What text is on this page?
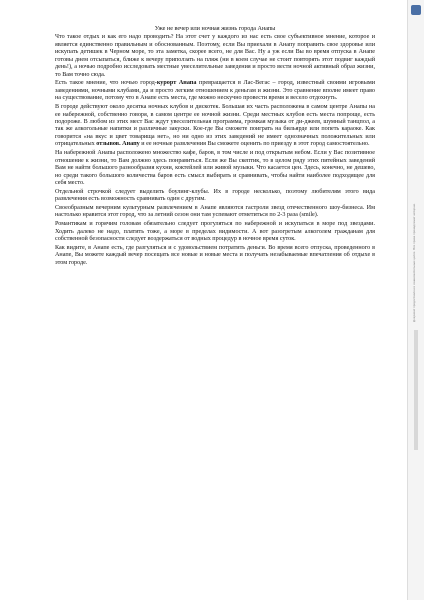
Уже не вечер или ночная жизнь города Анапы

Что такое отдых и как его надо проводить? На этот счет у каждого из нас есть свое субъективное мнение, которое и является единственно правильным и обоснованным. Поэтому, если Вы приехали в Анапу поправить свое здоровье или искупать детишек в Черном море, то эта заметка, скорее всего, не для Вас. Ну а уж если Вы во время отпуска в Анапе готовы днем отсыпаться, ближе к вечеру приползать на пляж (ни в коем случае не стоит повторять этот подвиг каждый день!), а ночью подробно исследовать местные увеселительные заведения и просто вести ночной активный образ жизни, то Вам точно сюда.

Есть такое мнение, что ночью город-курорт Анапа превращается в Лас-Вегас – город, известный своими игровыми заведениями, ночными клубами, да и просто легким отношением к деньгам и жизни. Это сравнение вполне имеет право на существование, потому что в Анапе есть места, где можно нескучно провести время и весело отдохнуть.

В городе действуют около десятка ночных клубов и дискотек. Большая их часть расположена в самом центре Анапы на ее набережной, собственно говоря, в самом центре ее ночной жизни. Среди местных клубов есть места попроще, есть подороже. В любом из этих мест Вас ждут увеселительная программа, громкая музыка от ди-джеев, шумный танцпол, а так же алкогольные напитки и различные закуски. Кое-где Вы сможете поиграть на бильярде или попеть караоке. Как говорится «на вкус и цвет товарища нет», но ни одно из этих заведений не имеет однозначных положительных или отрицательных отзывов. Анапу и ее ночные развлечения Вы сможете оценить по приезду в этот город самостоятельно.

На набережной Анапы расположено множество кафе, баров, в том числе и под открытым небом. Если у Вас позитивное отношение к жизни, то Вам должно здесь понравиться. Если же Вы скептик, то в целом ряду этих питейных заведений Вам не найти большого разнообразия кухни, коктейлей или живой музыки. Что касается цен. Здесь, конечно, не дешево, но среди такого большого количества баров есть смысл выбирать и сравнивать, чтобы найти наиболее подходящее для себя место.

Отдельной строчкой следует выделить боулинг-клубы. Их в городе несколько, поэтому любителям этого вида развлечения есть возможность сравнивать один с другим.

Своеобразным вечерним культурным развлечением в Анапе являются гастроли звезд отечественного шоу-бизнеса. Им настолько нравится этот город, что за летний сезон они там успевают отметиться по 2-3 раза (smile).

Романтикам и горячим головам обязательно следует прогуляться по набережной и искупаться в море под звездами. Ходить далеко не надо, платить тоже, а море в пределах видимости. А вот разогретым алкоголем гражданам для собственной безопасности следует воздержаться от водных процедур в ночное время суток.

Как видите, в Анапе есть, где разгуляться и с удовольствием потратить деньги. Во время всего отпуска, проведенного в Анапе, Вы можете каждый вечер посещать все новые и новые места и получать незабываемые впечатления об отдыхе в этом городе.	Документ предоставлен в ознакомительных целях. Все права принадлежат авторам.
